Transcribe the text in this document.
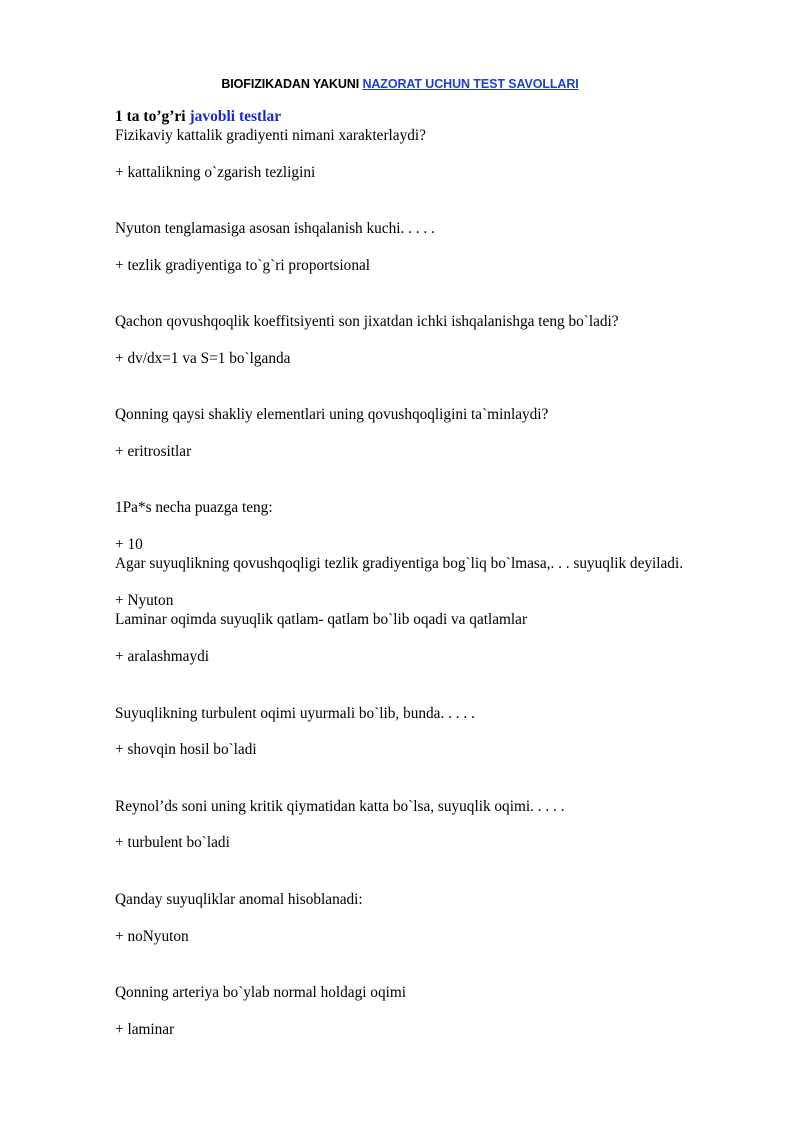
BIOFIZIKADAN YAKUNI NAZORAT UCHUN TEST SAVOLLARI
1 ta to’g’ri javobli testlar
Fizikaviy kattalik gradiyenti nimani xarakterlaydi?
+ kattalikning o`zgarish tezligini
Nyuton tenglamasiga asosan ishqalanish kuchi. . . . .
+ tezlik gradiyentiga to`g`ri proportsional
Qachon qovushqoqlik koeffitsiyenti son jixatdan ichki ishqalanishga teng bo`ladi?
+ dv/dx=1 va S=1 bo`lganda
Qonning qaysi shakliy elementlari uning qovushqoqligini ta`minlaydi?
+ eritrositlar
1Pa*s necha puazga teng:
+ 10
Agar suyuqlikning qovushqoqligi tezlik gradiyentiga bog`liq bo`lmasa,. . . suyuqlik deyiladi.
+ Nyuton
Laminar oqimda suyuqlik qatlam- qatlam bo`lib oqadi va qatlamlar
+ aralashmaydi
Suyuqlikning turbulent oqimi uyurmali bo`lib, bunda. . . . .
+ shovqin hosil bo`ladi
Reynol’ds soni uning kritik qiymatidan katta bo`lsa, suyuqlik oqimi. . . . .
+ turbulent bo`ladi
Qanday suyuqliklar anomal hisoblanadi:
+ noNyuton
Qonning arteriya bo`ylab normal holdagi oqimi
+ laminar
